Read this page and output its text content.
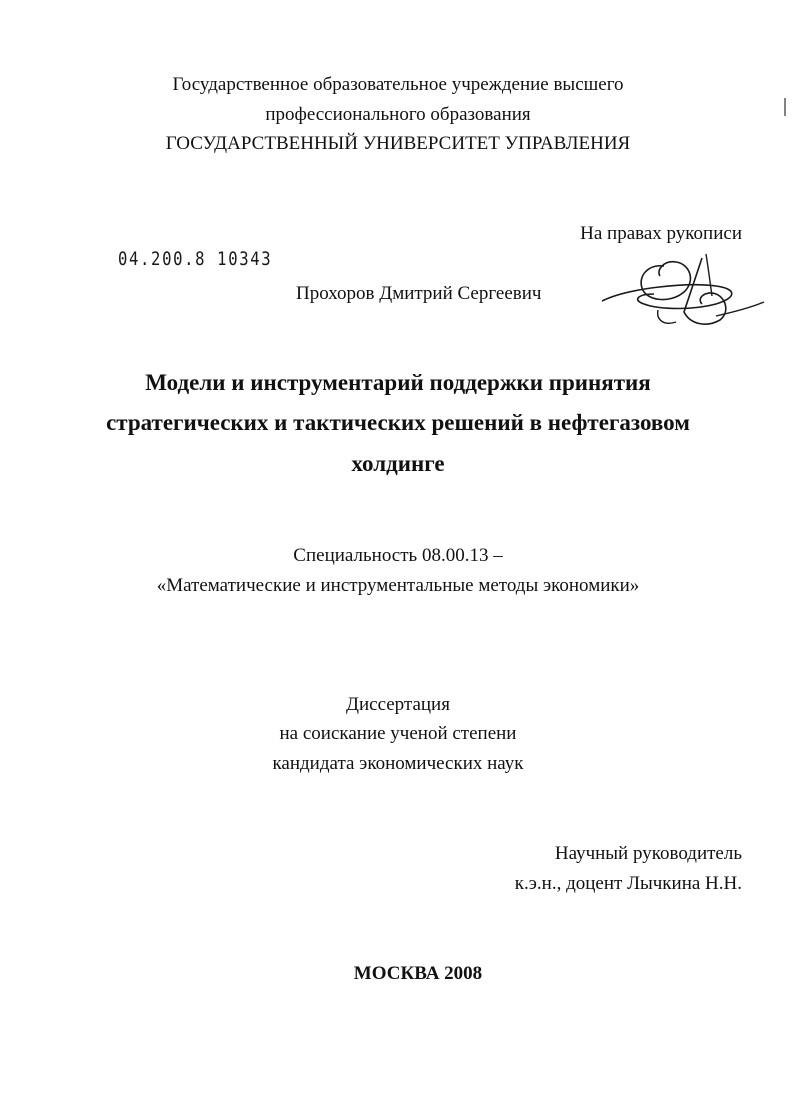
Государственное образовательное учреждение высшего
профессионального образования
ГОСУДАРСТВЕННЫЙ УНИВЕРСИТЕТ УПРАВЛЕНИЯ
На правах рукописи
04.200.8 10343
Прохоров Дмитрий Сергеевич
Модели и инструментарий поддержки принятия
стратегических и тактических решений в нефтегазовом
холдинге
Специальность 08.00.13 –
«Математические и инструментальные методы экономики»
Диссертация
на соискание ученой степени
кандидата экономических наук
Научный руководитель
к.э.н., доцент Лычкина Н.Н.
МОСКВА 2008
